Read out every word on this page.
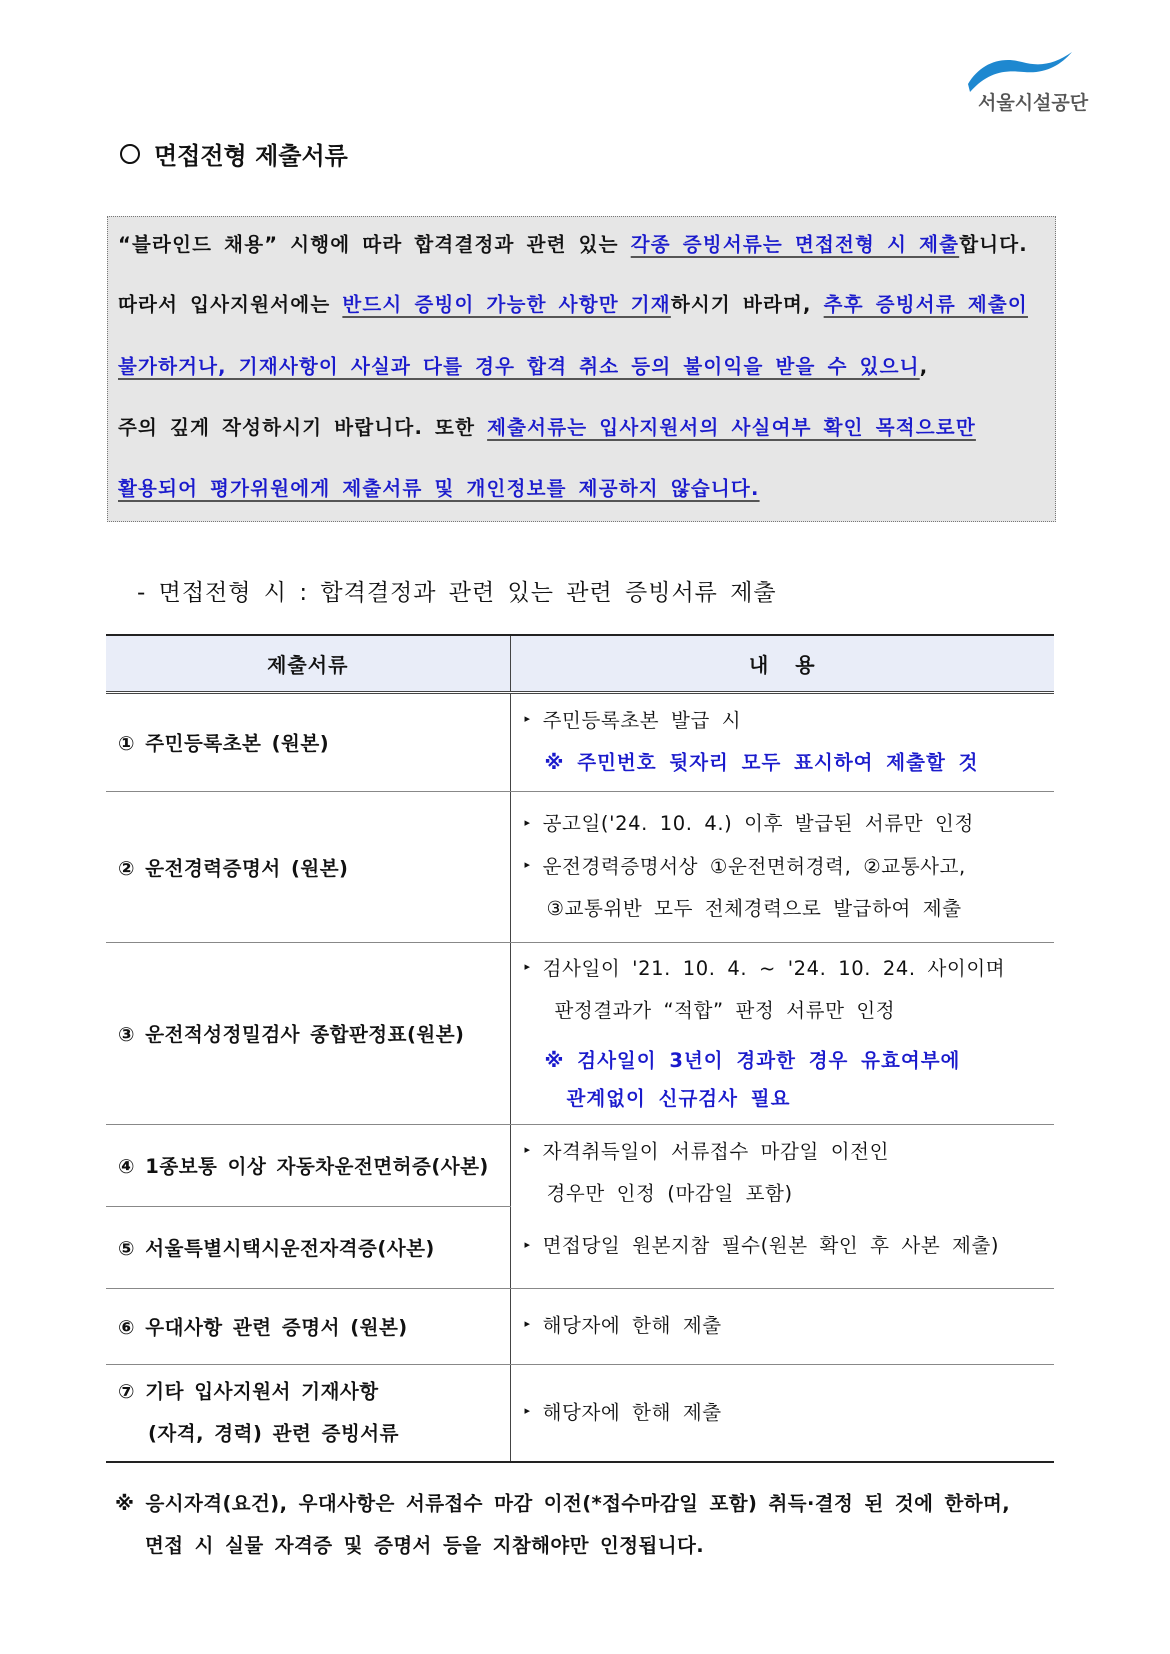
서울시설공단
면접전형 제출서류
“블라인드 채용” 시행에 따라 합격결정과 관련 있는 각종 증빙서류는 면접전형 시 제출합니다.
따라서 입사지원서에는 반드시 증빙이 가능한 사항만 기재하시기 바라며, 추후 증빙서류 제출이
불가하거나, 기재사항이 사실과 다를 경우 합격 취소 등의 불이익을 받을 수 있으니,
주의 깊게 작성하시기 바랍니다. 또한 제출서류는 입사지원서의 사실여부 확인 목적으로만
활용되어 평가위원에게 제출서류 및 개인정보를 제공하지 않습니다.
- 면접전형 시 : 합격결정과 관련 있는 관련 증빙서류 제출
제출서류	내 용
① 주민등록초본 (원본)	▸ 주민등록초본 발급 시
※ 주민번호 뒷자리 모두 표시하여 제출할 것

② 운전경력증명서 (원본)	▸ 공고일('24. 10. 4.) 이후 발급된 서류만 인정
▸ 운전경력증명서상 ①운전면허경력, ②교통사고,
③교통위반 모두 전체경력으로 발급하여 제출

③ 운전적성정밀검사 종합판정표(원본)	▸ 검사일이 '21. 10. 4. ~ '24. 10. 24. 사이이며
판정결과가 “적합” 판정 서류만 인정
※ 검사일이 3년이 경과한 경우 유효여부에
관계없이 신규검사 필요

④ 1종보통 이상 자동차운전면허증(사본)	▸ 자격취득일이 서류접수 마감일 이전인
경우만 인정 (마감일 포함)
▸ 면접당일 원본지참 필수(원본 확인 후 사본 제출)

⑤ 서울특별시택시운전자격증(사본)	
⑥ 우대사항 관련 증명서 (원본)	▸ 해당자에 한해 제출

⑦ 기타 입사지원서 기재사항
(자격, 경력) 관련 증빙서류	▸ 해당자에 한해 제출
※ 응시자격(요건), 우대사항은 서류접수 마감 이전(*접수마감일 포함) 취득·결정 된 것에 한하며,
면접 시 실물 자격증 및 증명서 등을 지참해야만 인정됩니다.
